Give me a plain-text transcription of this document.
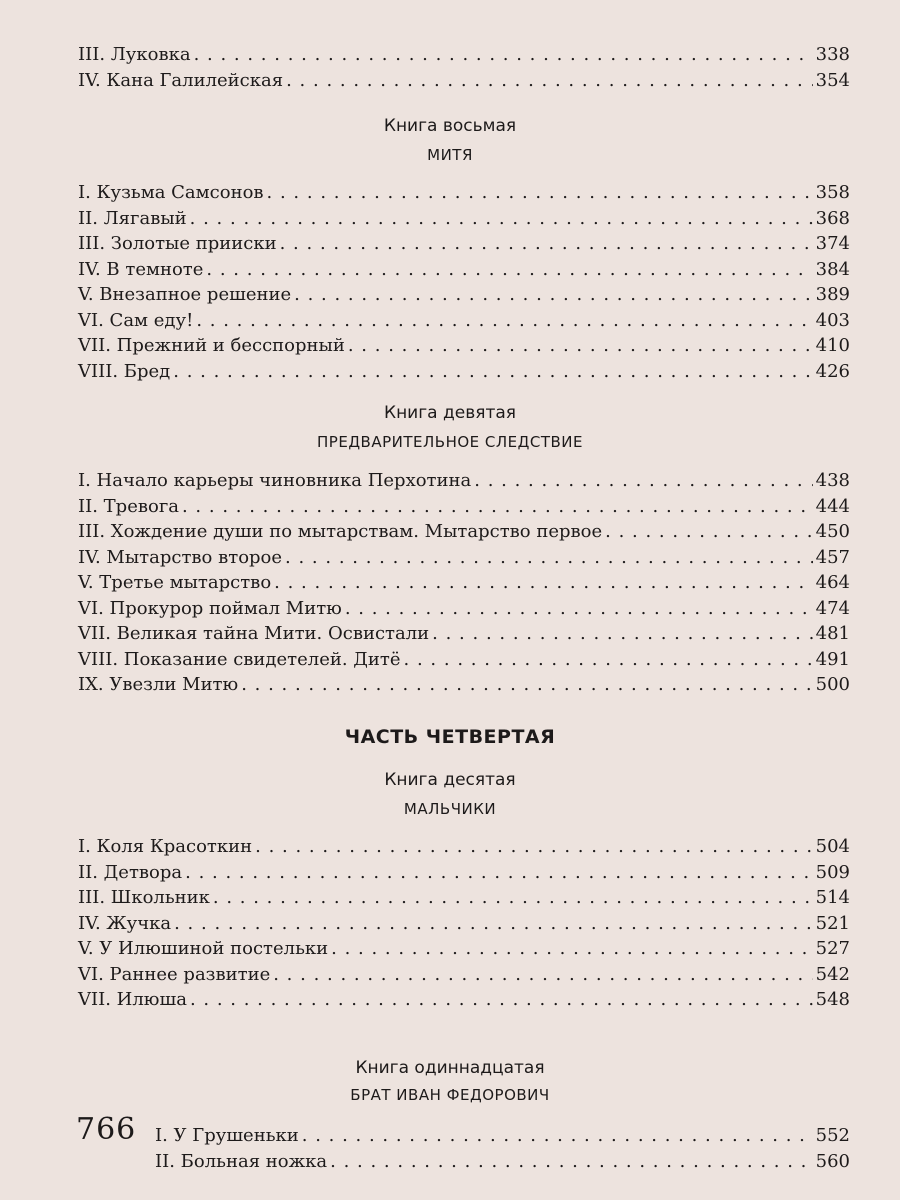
III. Луковка . . .	338
IV. Кана Галилейская . . .	354
Книга восьмая
МИТЯ
I. Кузьма Самсонов . . .	358
II. Лягавый . . .	368
III. Золотые прииски . . .	374
IV. В темноте . . .	384
V. Внезапное решение . . .	389
VI. Сам еду! . . .	403
VII. Прежний и бесспорный . . .	410
VIII. Бред . . .	426
Книга девятая
ПРЕДВАРИТЕЛЬНОЕ СЛЕДСТВИЕ
I. Начало карьеры чиновника Перхотина . . .	438
II. Тревога . . .	444
III. Хождение души по мытарствам. Мытарство первое . . .	450
IV. Мытарство второе . . .	457
V. Третье мытарство . . .	464
VI. Прокурор поймал Митю . . .	474
VII. Великая тайна Мити. Освистали . . .	481
VIII. Показание свидетелей. Дитё . . .	491
IX. Увезли Митю . . .	500
ЧАСТЬ ЧЕТВЕРТАЯ
Книга десятая
МАЛЬЧИКИ
I. Коля Красоткин . . .	504
II. Детвора . . .	509
III. Школьник . . .	514
IV. Жучка . . .	521
V. У Илюшиной постельки . . .	527
VI. Раннее развитие . . .	542
VII. Илюша . . .	548
Книга одиннадцатая
БРАТ ИВАН ФЕДОРОВИЧ
I. У Грушеньки . . .	552
II. Больная ножка . . .	560
766
